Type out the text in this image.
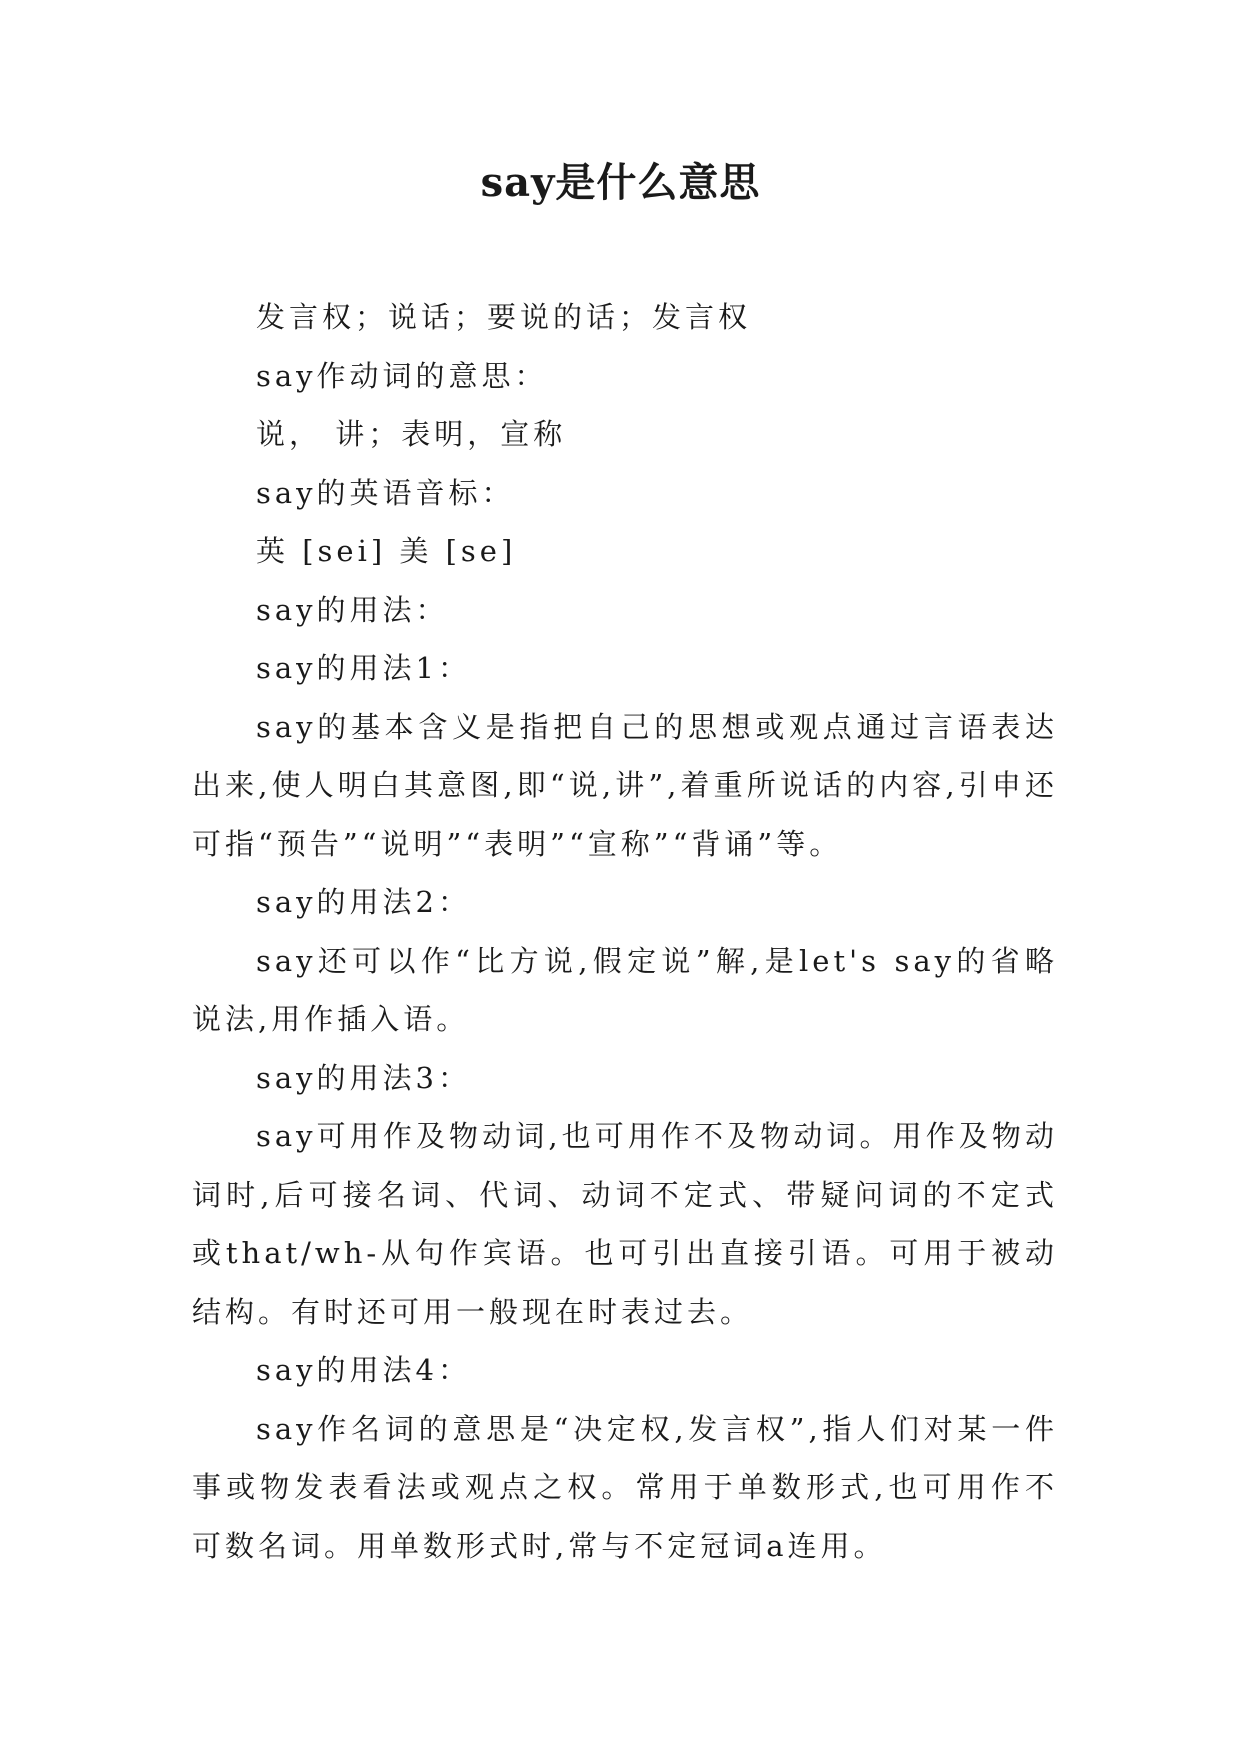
say是什么意思

发言权；说话；要说的话；发言权

say作动词的意思：

说， 讲；表明，宣称

say的英语音标：

英 [sei] 美 [se]

say的用法：

say的用法1：

say的基本含义是指把自己的思想或观点通过言语表达出来,使人明白其意图,即“说,讲”,着重所说话的内容,引申还可指“预告”“说明”“表明”“宣称”“背诵”等。

say的用法2：

say还可以作“比方说,假定说”解,是let's say的省略说法,用作插入语。

say的用法3：

say可用作及物动词,也可用作不及物动词。用作及物动词时,后可接名词、代词、动词不定式、带疑问词的不定式或that/wh-从句作宾语。也可引出直接引语。可用于被动结构。有时还可用一般现在时表过去。

say的用法4：

say作名词的意思是“决定权,发言权”,指人们对某一件事或物发表看法或观点之权。常用于单数形式,也可用作不可数名词。用单数形式时,常与不定冠词a连用。
